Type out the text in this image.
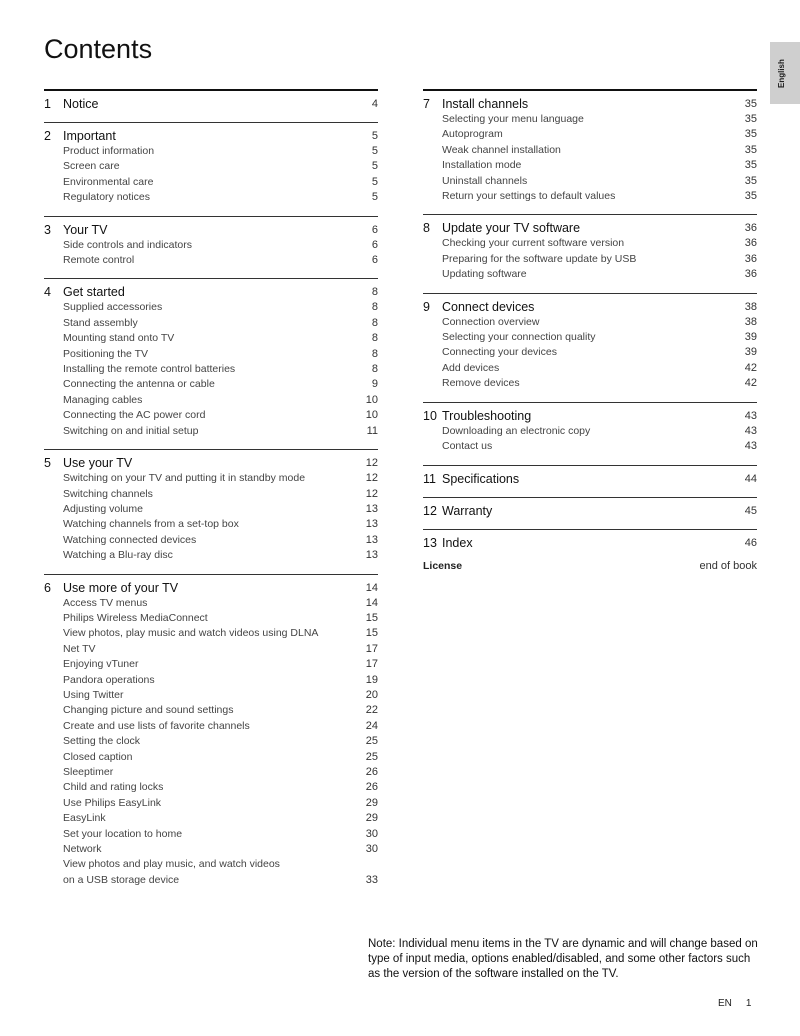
Contents
English
1 Notice	4
2 Important	5
Product information	5
Screen care	5
Environmental care	5
Regulatory notices	5
3 Your TV	6
Side controls and indicators	6
Remote control	6
4 Get started	8
Supplied accessories	8
Stand assembly	8
Mounting stand onto TV	8
Positioning the TV	8
Installing the remote control batteries	8
Connecting the antenna or cable	9
Managing cables	10
Connecting the AC power cord	10
Switching on and initial setup	11
5 Use your TV	12
Switching on your TV and putting it in standby mode	12
Switching channels	12
Adjusting volume	13
Watching channels from a set-top box	13
Watching connected devices	13
Watching a Blu-ray disc	13
6 Use more of your TV	14
Access TV menus	14
Philips Wireless MediaConnect	15
View photos, play music and watch videos using DLNA	15
Net TV	17
Enjoying vTuner	17
Pandora operations	19
Using Twitter	20
Changing picture and sound settings	22
Create and use lists of favorite channels	24
Setting the clock	25
Closed caption	25
Sleeptimer	26
Child and rating locks	26
Use Philips EasyLink	29
EasyLink	29
Set your location to home	30
Network	30
View photos and play music, and watch videos
on a USB storage device	33
7 Install channels	35
Selecting your menu language	35
Autoprogram	35
Weak channel installation	35
Installation mode	35
Uninstall channels	35
Return your settings to default values	35
8 Update your TV software	36
Checking your current software version	36
Preparing for the software update by USB	36
Updating software	36
9 Connect devices	38
Connection overview	38
Selecting your connection quality	39
Connecting your devices	39
Add devices	42
Remove devices	42
10 Troubleshooting	43
Downloading an electronic copy	43
Contact us	43
11 Specifications	44
12 Warranty	45
13 Index	46
License	end of book
Note: Individual menu items in the TV are dynamic and will change based on type of input media, options enabled/disabled, and some other factors such as the version of the software installed on the TV.
EN 1
